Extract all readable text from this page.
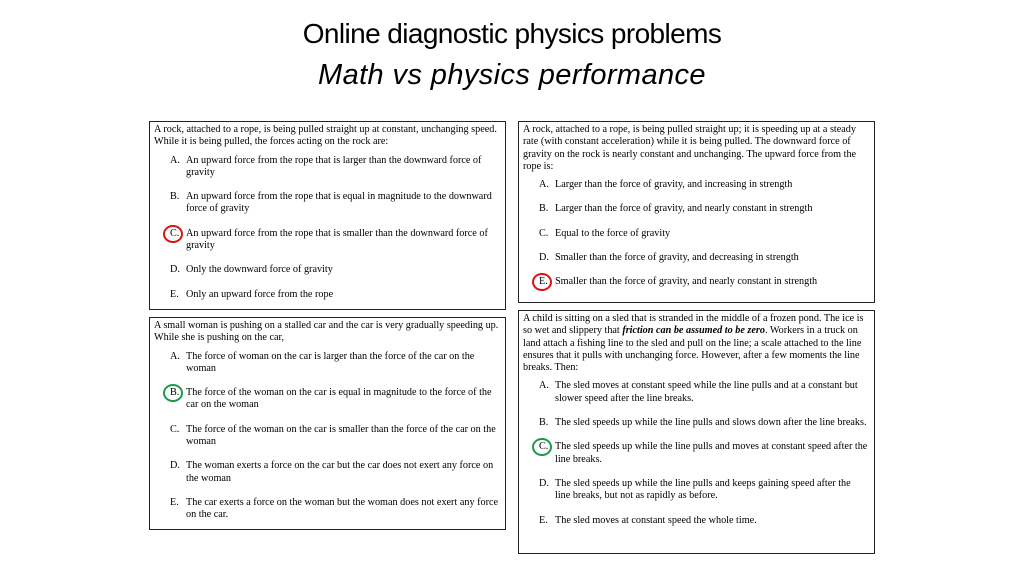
Online diagnostic physics problems
Math vs physics performance
A rock, attached to a rope, is being pulled straight up at constant, unchanging speed. While it is being pulled, the forces acting on the rock are:
A. An upward force from the rope that is larger than the downward force of gravity
B. An upward force from the rope that is equal in magnitude to the downward force of gravity
C. An upward force from the rope that is smaller than the downward force of gravity
D. Only the downward force of gravity
E. Only an upward force from the rope
A rock, attached to a rope, is being pulled straight up; it is speeding up at a steady rate (with constant acceleration) while it is being pulled. The downward force of gravity on the rock is nearly constant and unchanging. The upward force from the rope is:
A. Larger than the force of gravity, and increasing in strength
B. Larger than the force of gravity, and nearly constant in strength
C. Equal to the force of gravity
D. Smaller than the force of gravity, and decreasing in strength
E. Smaller than the force of gravity, and nearly constant in strength
A small woman is pushing on a stalled car and the car is very gradually speeding up. While she is pushing on the car,
A. The force of woman on the car is larger than the force of the car on the woman
B. The force of the woman on the car is equal in magnitude to the force of the car on the woman
C. The force of the woman on the car is smaller than the force of the car on the woman
D. The woman exerts a force on the car but the car does not exert any force on the woman
E. The car exerts a force on the woman but the woman does not exert any force on the car.
A child is sitting on a sled that is stranded in the middle of a frozen pond. The ice is so wet and slippery that friction can be assumed to be zero. Workers in a truck on land attach a fishing line to the sled and pull on the line; a scale attached to the line ensures that it pulls with unchanging force. However, after a few moments the line breaks. Then:
A. The sled moves at constant speed while the line pulls and at a constant but slower speed after the line breaks.
B. The sled speeds up while the line pulls and slows down after the line breaks.
C. The sled speeds up while the line pulls and moves at constant speed after the line breaks.
D. The sled speeds up while the line pulls and keeps gaining speed after the line breaks, but not as rapidly as before.
E. The sled moves at constant speed the whole time.
